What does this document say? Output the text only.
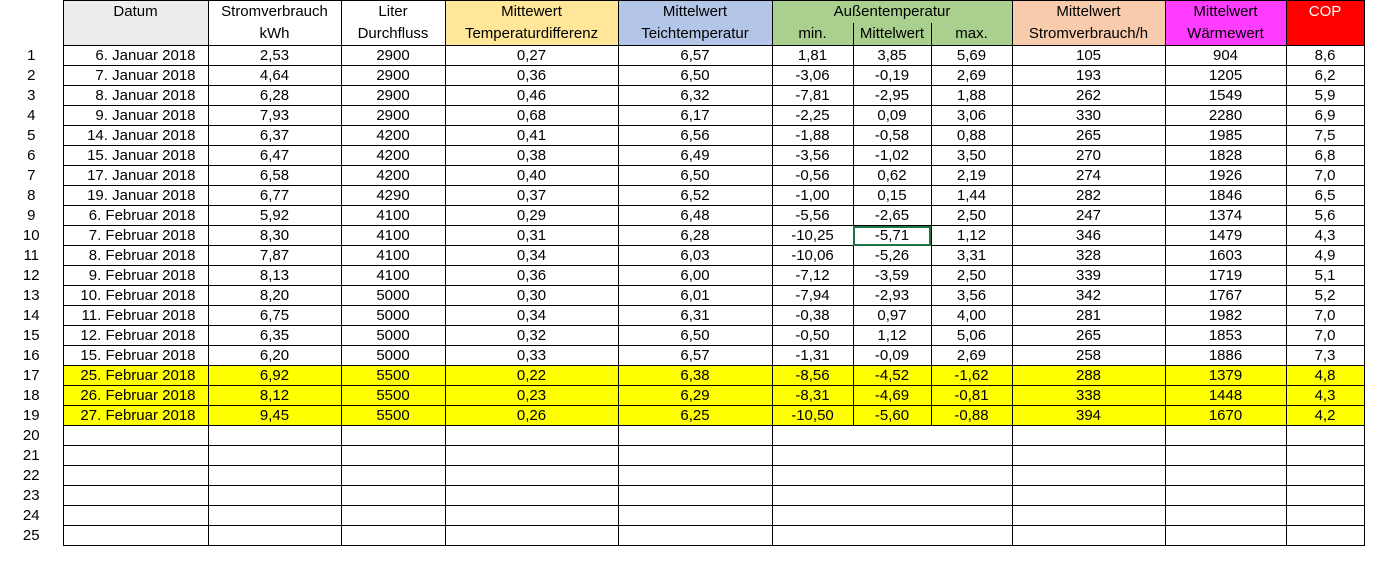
	Datum	Stromverbrauch	Liter	Mittewert	Mittelwert	Außentemperatur			Mittelwert	Mittelwert	COP
		kWh	Durchfluss	Temperaturdifferenz	Teichtemperatur	min.	Mittelwert	max.	Stromverbrauch/h	Wärmewert	
1	6. Januar 2018	2,53	2900	0,27	6,57	1,81	3,85	5,69	105	904	8,6
2	7. Januar 2018	4,64	2900	0,36	6,50	-3,06	-0,19	2,69	193	1205	6,2
3	8. Januar 2018	6,28	2900	0,46	6,32	-7,81	-2,95	1,88	262	1549	5,9
4	9. Januar 2018	7,93	2900	0,68	6,17	-2,25	0,09	3,06	330	2280	6,9
5	14. Januar 2018	6,37	4200	0,41	6,56	-1,88	-0,58	0,88	265	1985	7,5
6	15. Januar 2018	6,47	4200	0,38	6,49	-3,56	-1,02	3,50	270	1828	6,8
7	17. Januar 2018	6,58	4200	0,40	6,50	-0,56	0,62	2,19	274	1926	7,0
8	19. Januar 2018	6,77	4290	0,37	6,52	-1,00	0,15	1,44	282	1846	6,5
9	6. Februar 2018	5,92	4100	0,29	6,48	-5,56	-2,65	2,50	247	1374	5,6
10	7. Februar 2018	8,30	4100	0,31	6,28	-10,25	-5,71	1,12	346	1479	4,3
11	8. Februar 2018	7,87	4100	0,34	6,03	-10,06	-5,26	3,31	328	1603	4,9
12	9. Februar 2018	8,13	4100	0,36	6,00	-7,12	-3,59	2,50	339	1719	5,1
13	10. Februar 2018	8,20	5000	0,30	6,01	-7,94	-2,93	3,56	342	1767	5,2
14	11. Februar 2018	6,75	5000	0,34	6,31	-0,38	0,97	4,00	281	1982	7,0
15	12. Februar 2018	6,35	5000	0,32	6,50	-0,50	1,12	5,06	265	1853	7,0
16	15. Februar 2018	6,20	5000	0,33	6,57	-1,31	-0,09	2,69	258	1886	7,3
17	25. Februar 2018	6,92	5500	0,22	6,38	-8,56	-4,52	-1,62	288	1379	4,8
18	26. Februar 2018	8,12	5500	0,23	6,29	-8,31	-4,69	-0,81	338	1448	4,3
19	27. Februar 2018	9,45	5500	0,26	6,25	-10,50	-5,60	-0,88	394	1670	4,2
20											
21											
22											
23											
24											
25											
